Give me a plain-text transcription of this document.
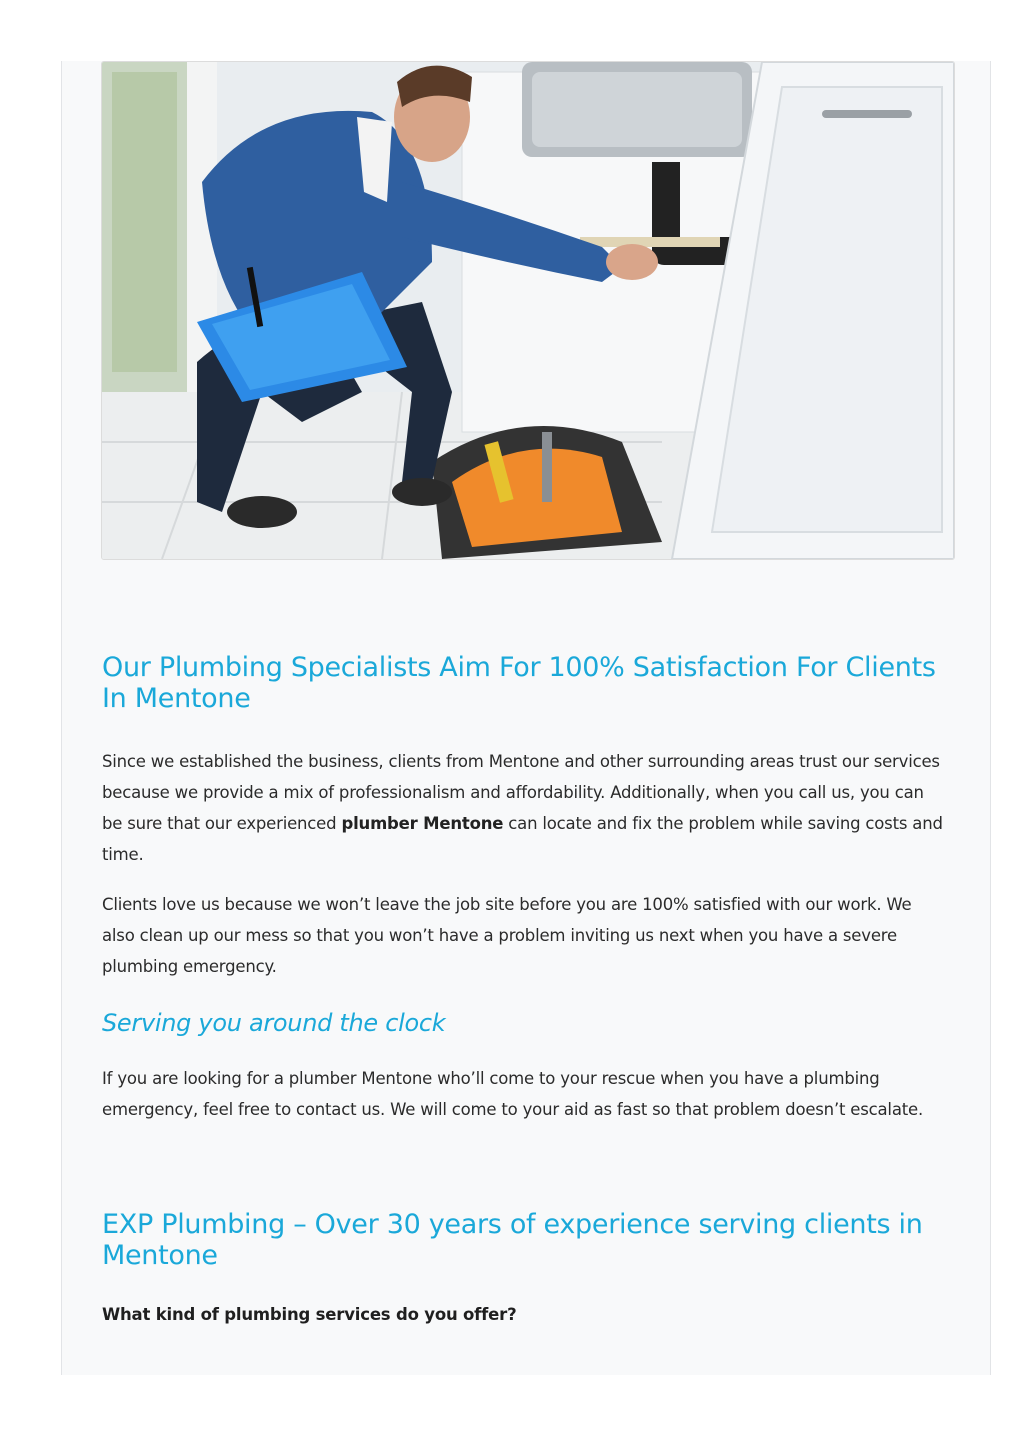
Our Plumbing Specialists Aim For 100% Satisfaction For Clients In Mentone

Since we established the business, clients from Mentone and other surrounding areas trust our services because we provide a mix of professionalism and affordability. Additionally, when you call us, you can be sure that our experienced plumber Mentone can locate and fix the problem while saving costs and time.

Clients love us because we won’t leave the job site before you are 100% satisfied with our work. We also clean up our mess so that you won’t have a problem inviting us next when you have a severe plumbing emergency.

Serving you around the clock

If you are looking for a plumber Mentone who’ll come to your rescue when you have a plumbing emergency, feel free to contact us. We will come to your aid as fast so that problem doesn’t escalate.

EXP Plumbing – Over 30 years of experience serving clients in Mentone

What kind of plumbing services do you offer?
